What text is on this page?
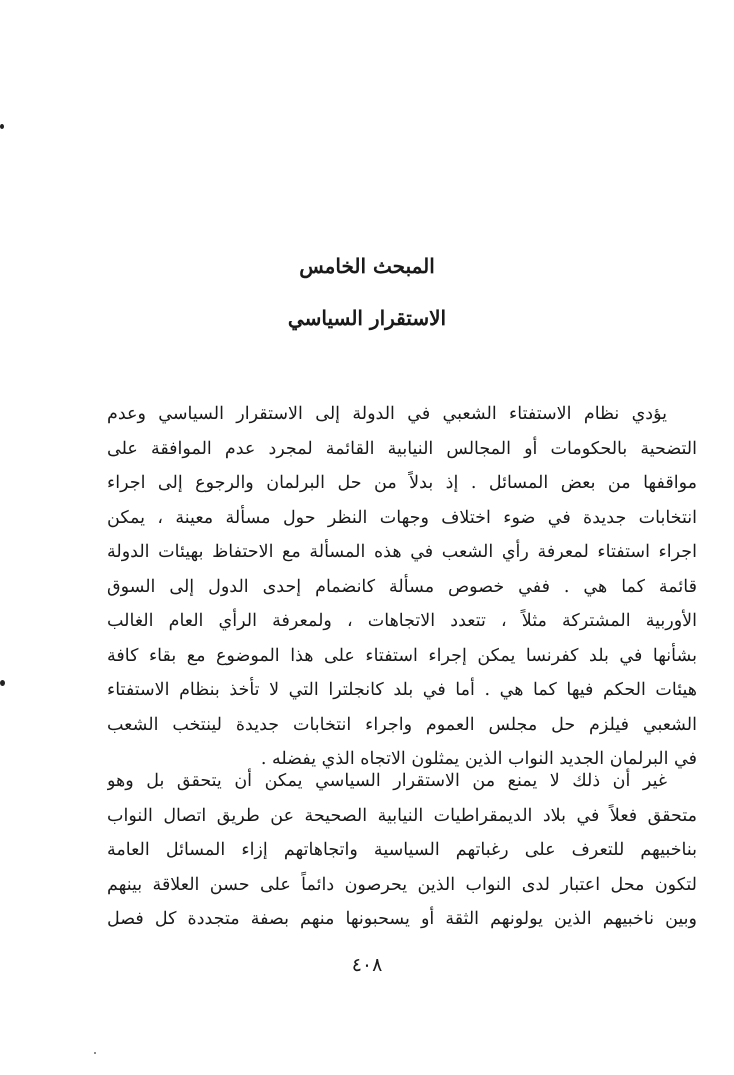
المبحث الخامس
الاستقرار السياسي
يؤدي نظام الاستفتاء الشعبي في الدولة إلى الاستقرار السياسي وعدم
التضحية بالحكومات أو المجالس النيابية القائمة لمجرد عدم الموافقة على
مواقفها من بعض المسائل . إذ بدلاً من حل البرلمان والرجوع إلى اجراء
انتخابات جديدة في ضوء اختلاف وجهات النظر حول مسألة معينة ، يمكن
اجراء استفتاء لمعرفة رأي الشعب في هذه المسألة مع الاحتفاظ بهيئات الدولة
قائمة كما هي . ففي خصوص مسألة كانضمام إحدى الدول إلى السوق
الأوربية المشتركة مثلاً ، تتعدد الاتجاهات ، ولمعرفة الرأي العام الغالب
بشأنها في بلد كفرنسا يمكن إجراء استفتاء على هذا الموضوع مع بقاء كافة
هيئات الحكم فيها كما هي . أما في بلد كانجلترا التي لا تأخذ بنظام الاستفتاء
الشعبي فيلزم حل مجلس العموم واجراء انتخابات جديدة لينتخب الشعب
في البرلمان الجديد النواب الذين يمثلون الاتجاه الذي يفضله .
غير أن ذلك لا يمنع من الاستقرار السياسي يمكن أن يتحقق بل وهو
متحقق فعلاً في بلاد الديمقراطيات النيابية الصحيحة عن طريق اتصال النواب
بناخبيهم للتعرف على رغباتهم السياسية واتجاهاتهم إزاء المسائل العامة
لتكون محل اعتبار لدى النواب الذين يحرصون دائماً على حسن العلاقة بينهم
وبين ناخبيهم الذين يولونهم الثقة أو يسحبونها منهم بصفة متجددة كل فصل

٤٠٨
